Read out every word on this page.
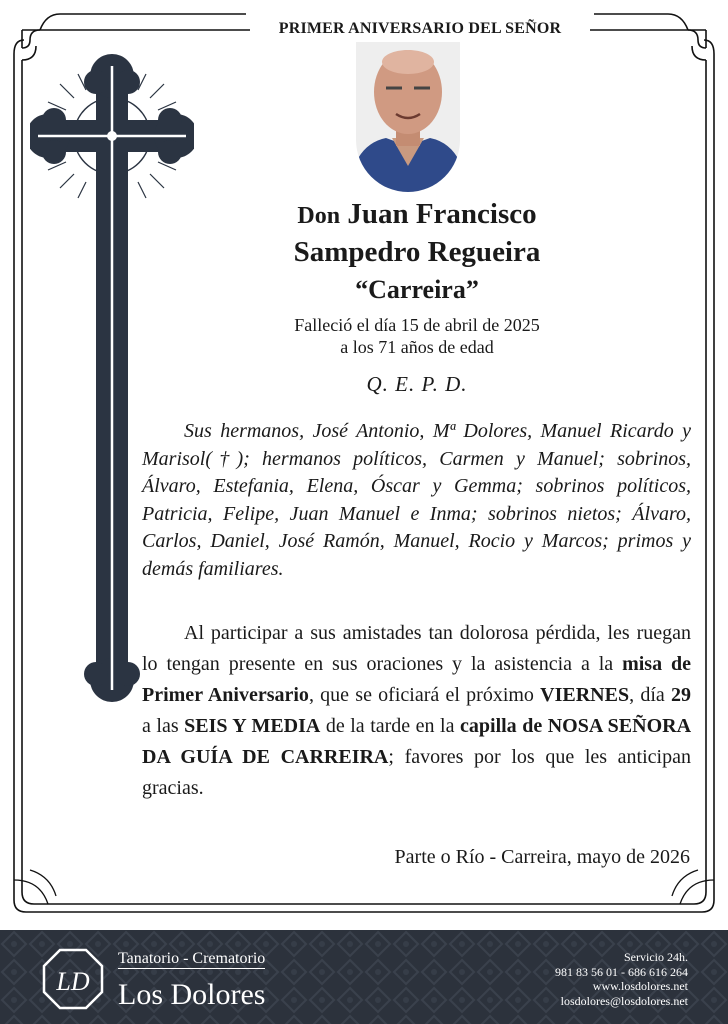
PRIMER ANIVERSARIO DEL SEÑOR
Don Juan Francisco
Sampedro Regueira
“Carreira”
Falleció el día 15 de abril de 2025
a los 71 años de edad
Q. E. P. D.

Sus hermanos, José Antonio, Mª Dolores, Manuel Ricardo y Marisol(†); hermanos políticos, Carmen y Manuel; sobrinos, Álvaro, Estefania, Elena, Óscar y Gemma; sobrinos políticos, Patricia, Felipe, Juan Manuel e Inma; sobrinos nietos; Álvaro, Carlos, Daniel, José Ramón, Manuel, Rocio y Marcos; primos y demás familiares.

Al participar a sus amistades tan dolorosa pérdida, les ruegan lo tengan presente en sus oraciones y la asistencia a la misa de Primer Aniversario, que se oficiará el próximo VIERNES, día 29 a las SEIS Y MEDIA de la tarde en la capilla de NOSA SEÑORA DA GUÍA DE CARREIRA; favores por los que les anticipan gracias.

Parte o Río - Carreira, mayo de 2026
LD
Tanatorio - Crematorio
Los Dolores
Servicio 24h.
981 83 56 01 - 686 616 264
www.losdolores.net
losdolores@losdolores.net
